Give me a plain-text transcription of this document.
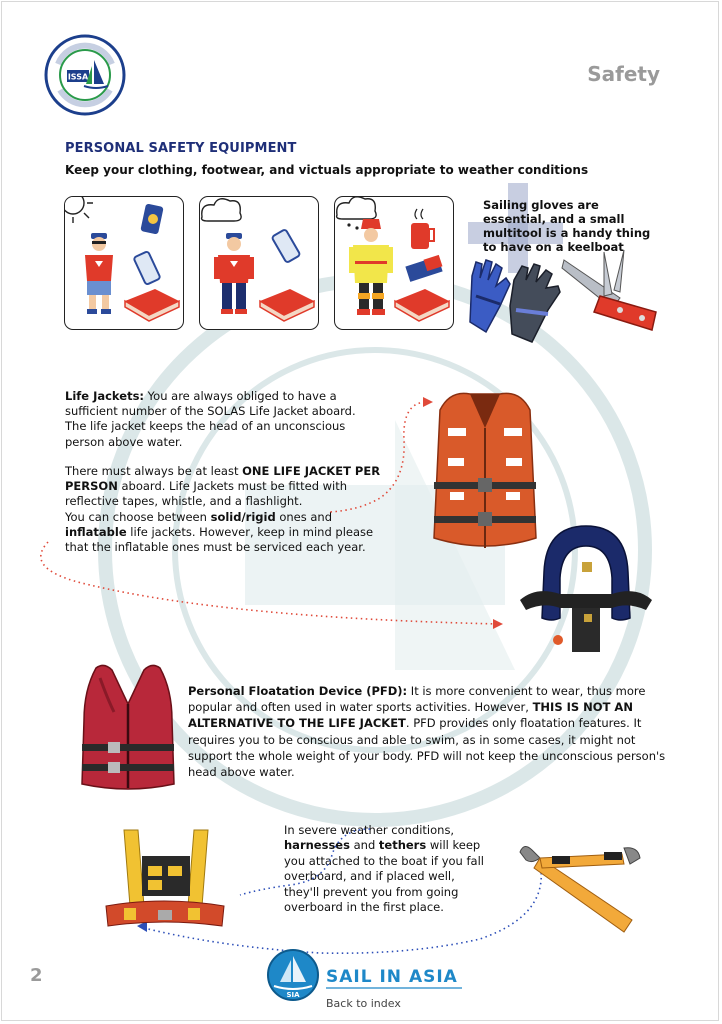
ISSA	Safety
PERSONAL SAFETY EQUIPMENT
Keep your clothing, footwear, and victuals appropriate to weather conditions
Sailing gloves are essential, and a small multitool is a handy thing to have on a keelboat

Life Jackets: You are always obliged to have a sufficient number of the SOLAS Life Jacket aboard. The life jacket keeps the head of an unconscious person above water.

There must always be at least ONE LIFE JACKET PER PERSON aboard. Life Jackets must be fitted with reflective tapes, whistle, and a flashlight.
You can choose between solid/rigid ones and inflatable life jackets. However, keep in mind please that the inflatable ones must be serviced each year.

Personal Floatation Device (PFD): It is more convenient to wear, thus more popular and often used in water sports activities. However, THIS IS NOT AN ALTERNATIVE TO THE LIFE JACKET. PFD provides only floatation features. It requires you to be conscious and able to swim, as in some cases, it might not support the whole weight of your body. PFD will not keep the unconscious person's head above water.

In severe weather conditions, harnesses and tethers will keep you attached to the boat if you fall overboard, and if placed well, they'll prevent you from going overboard in the first place.

2
SIA
SAIL IN ASIA
Back to index
